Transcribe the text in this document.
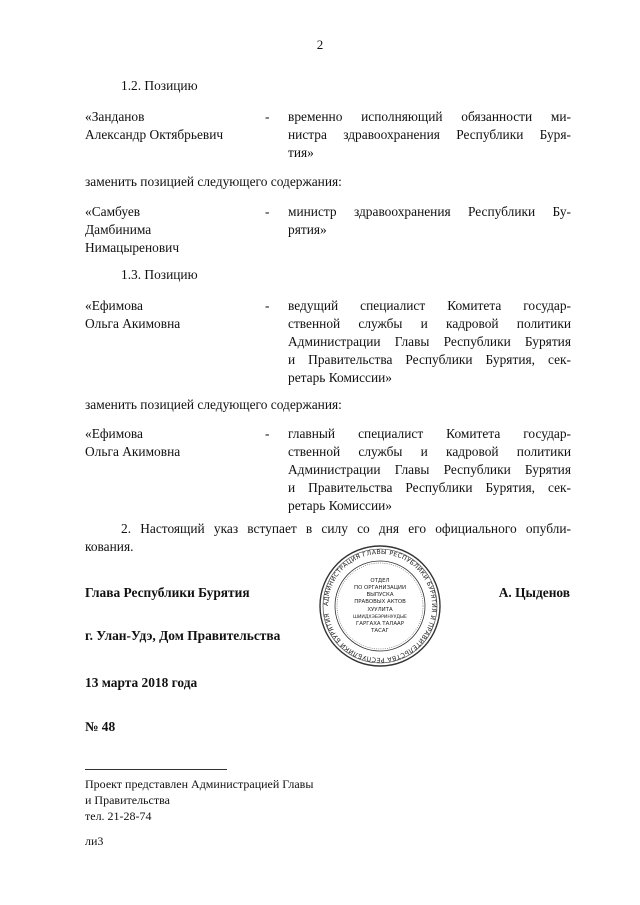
2
1.2. Позицию
«Занданов
Александр Октябрьевич
- временно исполняющий обязанности ми-
нистра здравоохранения Республики Буря-
тия»
заменить позицией следующего содержания:
«Самбуев
Дамбинима
Нимацыренович
- министр здравоохранения Республики Бу-
рятия»
1.3. Позицию
«Ефимова
Ольга Акимовна
- ведущий специалист Комитета государ-
ственной службы и кадровой политики
Администрации Главы Республики Бурятия
и Правительства Республики Бурятия, сек-
ретарь Комиссии»
заменить позицией следующего содержания:
«Ефимова
Ольга Акимовна
- главный специалист Комитета государ-
ственной службы и кадровой политики
Администрации Главы Республики Бурятия
и Правительства Республики Бурятия, сек-
ретарь Комиссии»
2. Настоящий указ вступает в силу со дня его официального опубли-
кования.
АДМИНИСТРАЦИЯ ГЛАВЫ РЕСПУБЛИКИ БУРЯТИЯ И ПРАВИТЕЛЬСТВА РЕСПУБЛИКИ БУРЯТИЯ
ОТДЕЛ
ПО ОРГАНИЗАЦИИ
ВЫПУСКА
ПРАВОВЫХ АКТОВ
ХУУЛИТА
ШИИДХЭБЭРИНУУДЫЕ
ГАРГАХА ТАЛААР
ТАСАГ
Глава Республики Бурятия	А. Цыденов
г. Улан-Удэ, Дом Правительства
13 марта 2018 года
№ 48
Проект представлен Администрацией Главы
и Правительства
тел. 21-28-74
ли3
